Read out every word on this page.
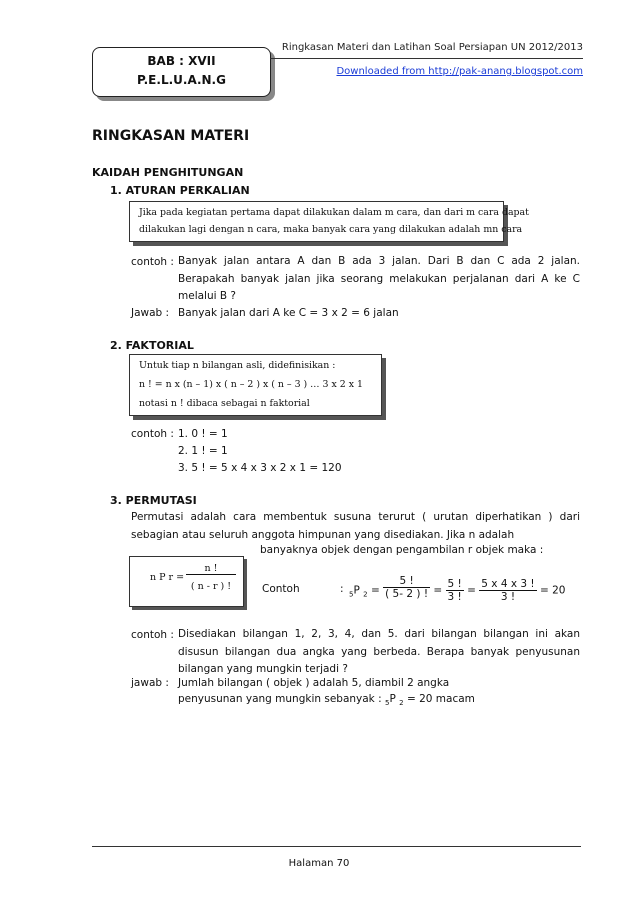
BAB : XVII
P.E.L.U.A.N.G
Ringkasan Materi dan Latihan Soal Persiapan UN 2012/2013
Downloaded from http://pak-anang.blogspot.com
RINGKASAN MATERI
KAIDAH PENGHITUNGAN
1. ATURAN PERKALIAN
Jika pada kegiatan pertama dapat dilakukan dalam m cara, dan dari m cara dapat
dilakukan lagi dengan n cara, maka banyak cara yang dilakukan adalah mn cara
contoh : Banyak jalan antara A dan B ada 3 jalan. Dari B dan C ada 2 jalan. Berapakah banyak jalan jika seorang melakukan perjalanan dari A ke C melalui B ?
Jawab : Banyak jalan dari A ke C = 3 x 2 = 6 jalan
2. FAKTORIAL
Untuk tiap n bilangan asli, didefinisikan :
n ! = n x (n – 1) x ( n – 2 ) x ( n – 3 ) … 3 x 2 x 1
notasi n ! dibaca sebagai n faktorial
contoh : 1. 0 ! = 1
2. 1 ! = 1
3. 5 ! = 5 x 4 x 3 x 2 x 1 = 120
3. PERMUTASI
Permutasi adalah cara membentuk susuna terurut ( urutan diperhatikan ) dari sebagian atau seluruh anggota himpunan yang disediakan. Jika n adalah
banyaknya objek dengan pengambilan r objek maka :
n P r =
n !
( n - r ) !	Contoh	: $_5$P $_2 = \frac{5 !}{( 5- 2 ) !} = \frac{5 !}{3 !} = \frac{5 x 4 x 3 !}{3 !} = 20$
contoh : Disediakan bilangan 1, 2, 3, 4, dan 5. dari bilangan bilangan ini akan disusun bilangan dua angka yang berbeda. Berapa banyak penyusunan bilangan yang mungkin terjadi ?
jawab : Jumlah bilangan ( objek ) adalah 5, diambil 2 angka
penyusunan yang mungkin sebanyak : $_5$P $_2$ = 20 macam
Halaman 70
